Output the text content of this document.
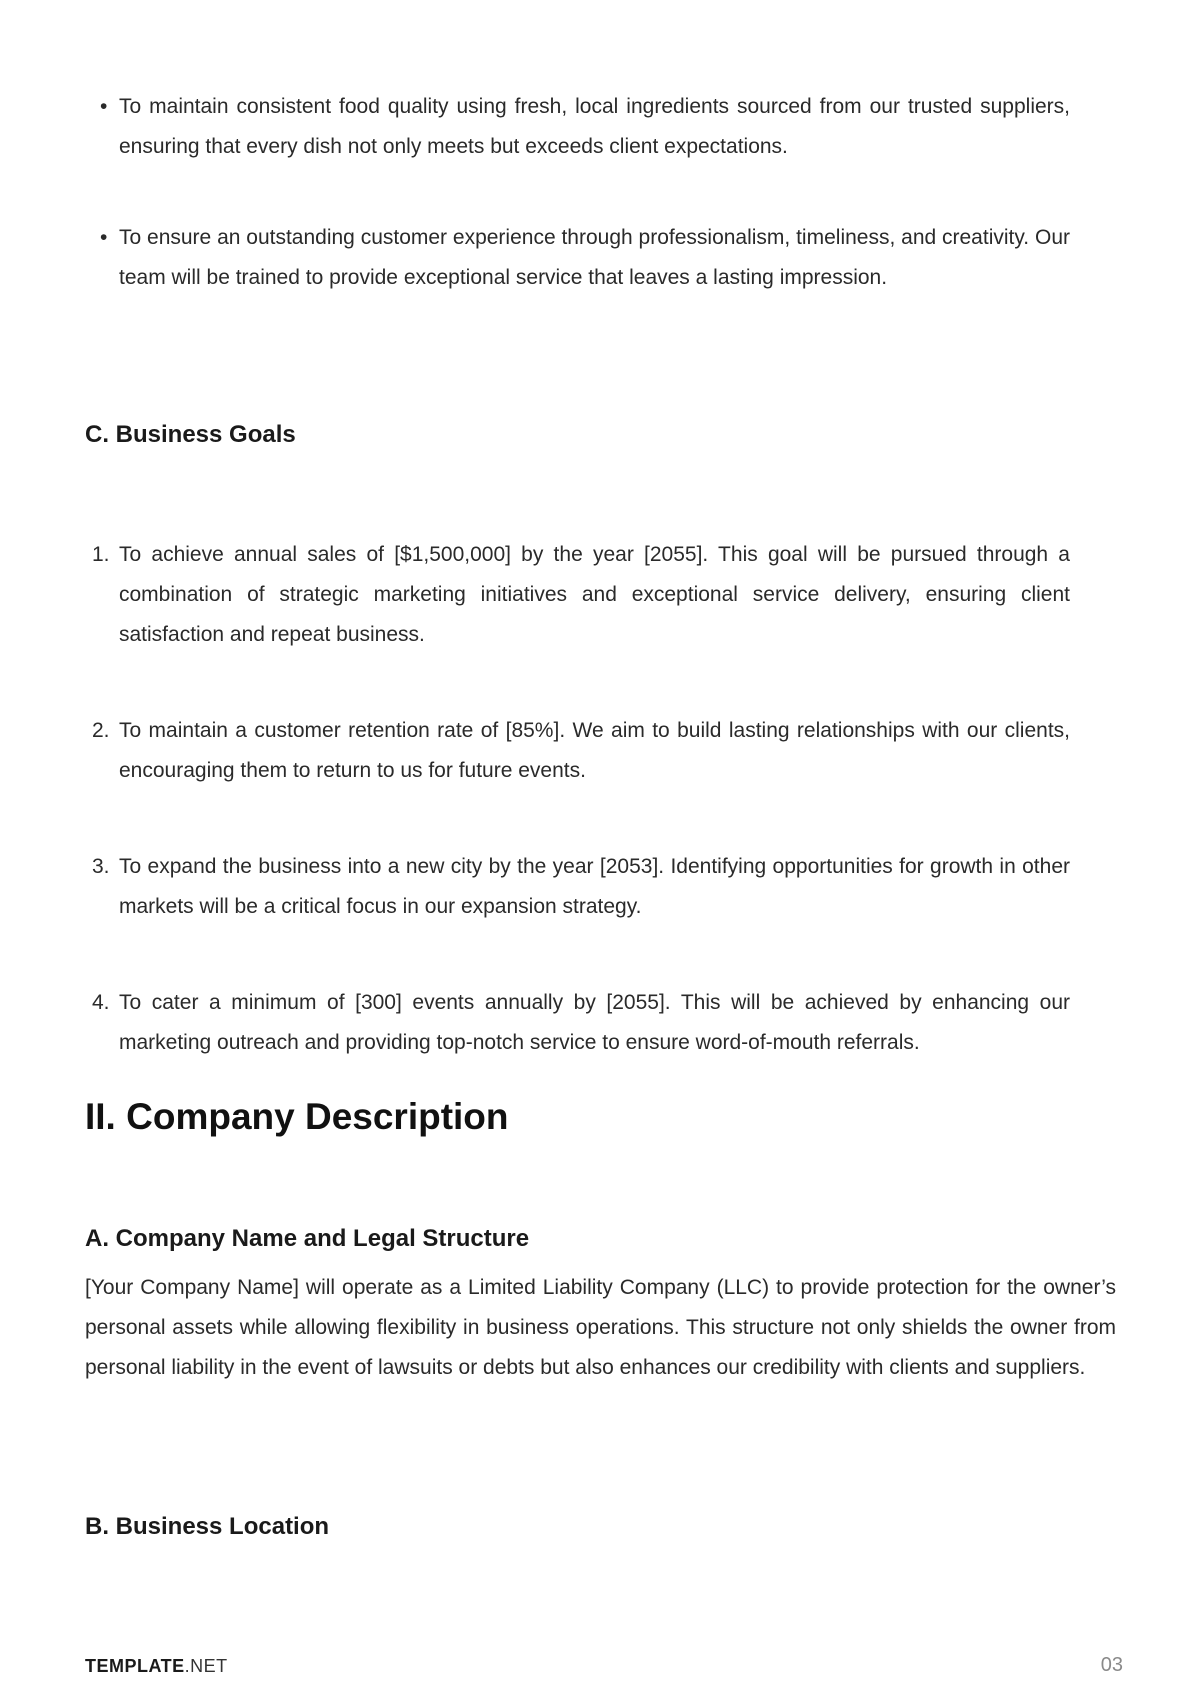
• To maintain consistent food quality using fresh, local ingredients sourced from our trusted suppliers, ensuring that every dish not only meets but exceeds client expectations.

• To ensure an outstanding customer experience through professionalism, timeliness, and creativity. Our team will be trained to provide exceptional service that leaves a lasting impression.

C. Business Goals
1. To achieve annual sales of [$1,500,000] by the year [2055]. This goal will be pursued through a combination of strategic marketing initiatives and exceptional service delivery, ensuring client satisfaction and repeat business.

2. To maintain a customer retention rate of [85%]. We aim to build lasting relationships with our clients, encouraging them to return to us for future events.

3. To expand the business into a new city by the year [2053]. Identifying opportunities for growth in other markets will be a critical focus in our expansion strategy.

4. To cater a minimum of [300] events annually by [2055]. This will be achieved by enhancing our marketing outreach and providing top-notch service to ensure word-of-mouth referrals.

II. Company Description
A. Company Name and Legal Structure

[Your Company Name] will operate as a Limited Liability Company (LLC) to provide protection for the owner’s personal assets while allowing flexibility in business operations. This structure not only shields the owner from personal liability in the event of lawsuits or debts but also enhances our credibility with clients and suppliers.

B. Business Location
TEMPLATE.NET	03
